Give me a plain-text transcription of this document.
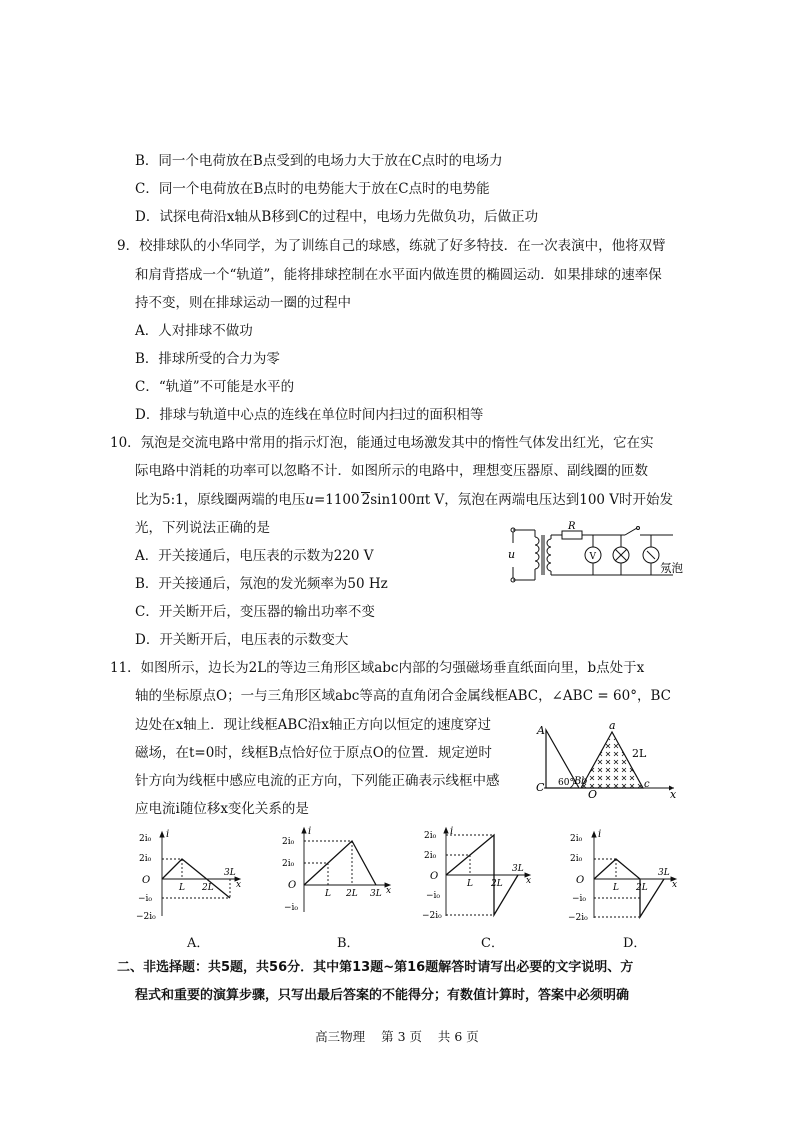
B．同一个电荷放在B点受到的电场力大于放在C点时的电场力
C．同一个电荷放在B点时的电势能大于放在C点时的电势能
D．试探电荷沿x轴从B移到C的过程中，电场力先做负功，后做正功
9．校排球队的小华同学，为了训练自己的球感，练就了好多特技．在一次表演中，他将双臂
和肩背搭成一个“轨道”，能将排球控制在水平面内做连贯的椭圆运动．如果排球的速率保
持不变，则在排球运动一圈的过程中
A．人对排球不做功
B．排球所受的合力为零
C．“轨道”不可能是水平的
D．排球与轨道中心点的连线在单位时间内扫过的面积相等
10．氖泡是交流电路中常用的指示灯泡，能通过电场激发其中的惰性气体发出红光，它在实
际电路中消耗的功率可以忽略不计．如图所示的电路中，理想变压器原、副线圈的匝数
比为5:1，原线圈两端的电压u=1100 2sin100πt V，氖泡在两端电压达到100 V时开始发
光，下列说法正确的是
A．开关接通后，电压表的示数为220 V
B．开关接通后，氖泡的发光频率为50 Hz
C．开关断开后，变压器的输出功率不变
D．开关断开后，电压表的示数变大
u
R
V
氖泡
11．如图所示，边长为2L的等边三角形区域abc内部的匀强磁场垂直纸面向里，b点处于x
轴的坐标原点O；一与三角形区域abc等高的直角闭合金属线框ABC，∠ABC = 60°，BC
边处在x轴上．现让线框ABC沿x轴正方向以恒定的速度穿过
磁场，在t=0时，线框B点恰好位于原点O的位置．规定逆时
针方向为线框中感应电流的正方向，下列能正确表示线框中感
应电流i随位移x变化关系的是
A
C 60° B b
O
a
2L
c
x
2i₀
2i₀
O
−i₀
−2i₀
i
L 2L
3L
x
2i₀
2i₀
O
−i₀
i
L 2L 3L x
2i₀
2i₀
O
−i₀
−2i₀
i
L 2L
3L
x
2i₀
2i₀
O
−i₀
−2i₀
i
L 2L
3L
x
A．	B．	C．	D．
二、非选择题：共5题，共56分．其中第13题~第16题解答时请写出必要的文字说明、方
程式和重要的演算步骤，只写出最后答案的不能得分；有数值计算时，答案中必须明确
高三物理 第 3 页 共 6 页
